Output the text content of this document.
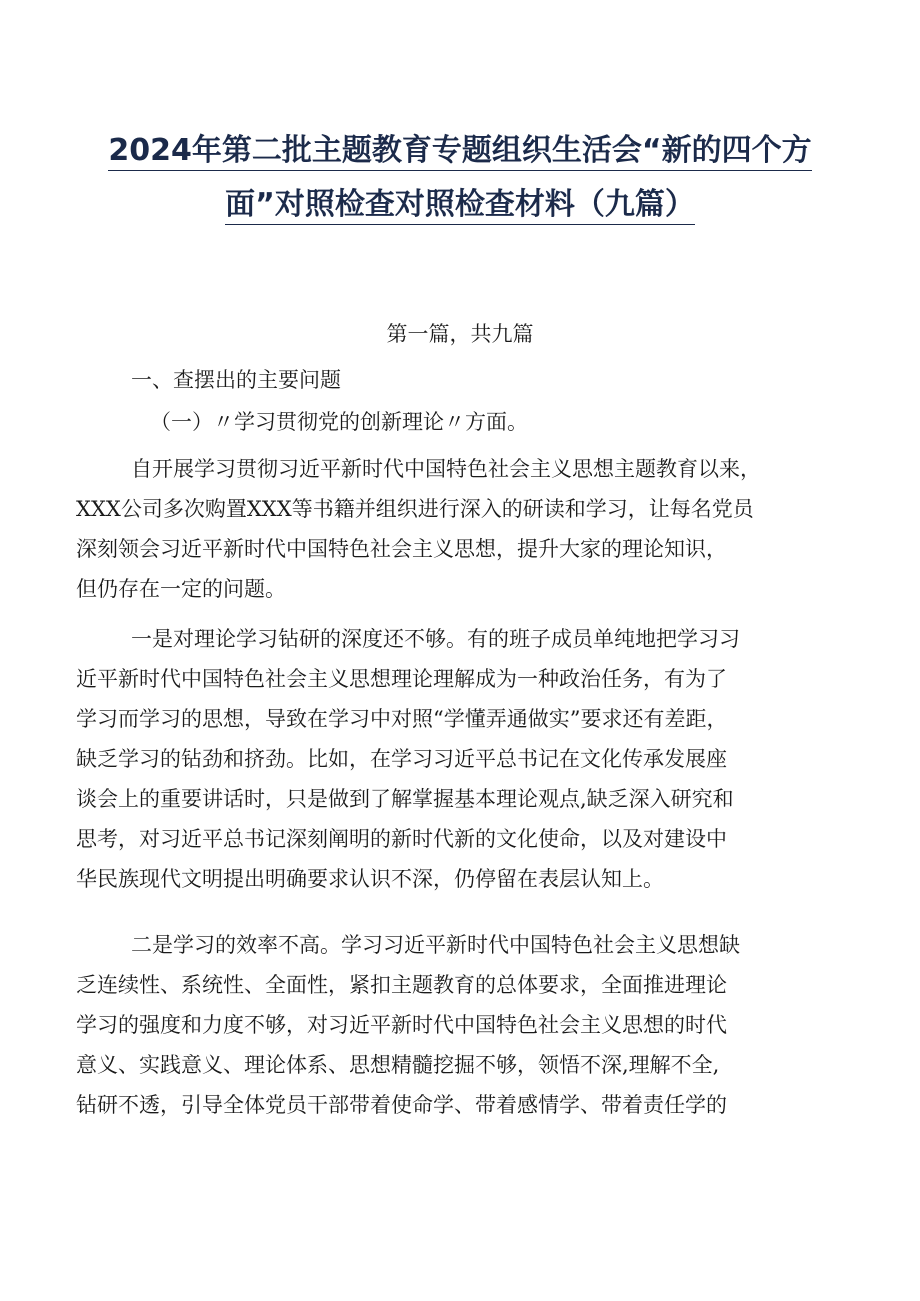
2024年第二批主题教育专题组织生活会“新的四个方
面”对照检查对照检查材料（九篇）
第一篇，共九篇
一、查摆出的主要问题
（一）〃学习贯彻党的创新理论〃方面。
自开展学习贯彻习近平新时代中国特色社会主义思想主题教育以来，
XXX公司多次购置XXX等书籍并组织进行深入的研读和学习，让每名党员
深刻领会习近平新时代中国特色社会主义思想，提升大家的理论知识，
但仍存在一定的问题。
一是对理论学习钻研的深度还不够。有的班子成员单纯地把学习习
近平新时代中国特色社会主义思想理论理解成为一种政治任务，有为了
学习而学习的思想，导致在学习中对照“学懂弄通做实”要求还有差距，
缺乏学习的钻劲和挤劲。比如，在学习习近平总书记在文化传承发展座
谈会上的重要讲话时，只是做到了解掌握基本理论观点,缺乏深入研究和
思考，对习近平总书记深刻阐明的新时代新的文化使命，以及对建设中
华民族现代文明提出明确要求认识不深，仍停留在表层认知上。
二是学习的效率不高。学习习近平新时代中国特色社会主义思想缺
乏连续性、系统性、全面性，紧扣主题教育的总体要求，全面推进理论
学习的强度和力度不够，对习近平新时代中国特色社会主义思想的时代
意义、实践意义、理论体系、思想精髓挖掘不够，领悟不深,理解不全,
钻研不透，引导全体党员干部带着使命学、带着感情学、带着责任学的
